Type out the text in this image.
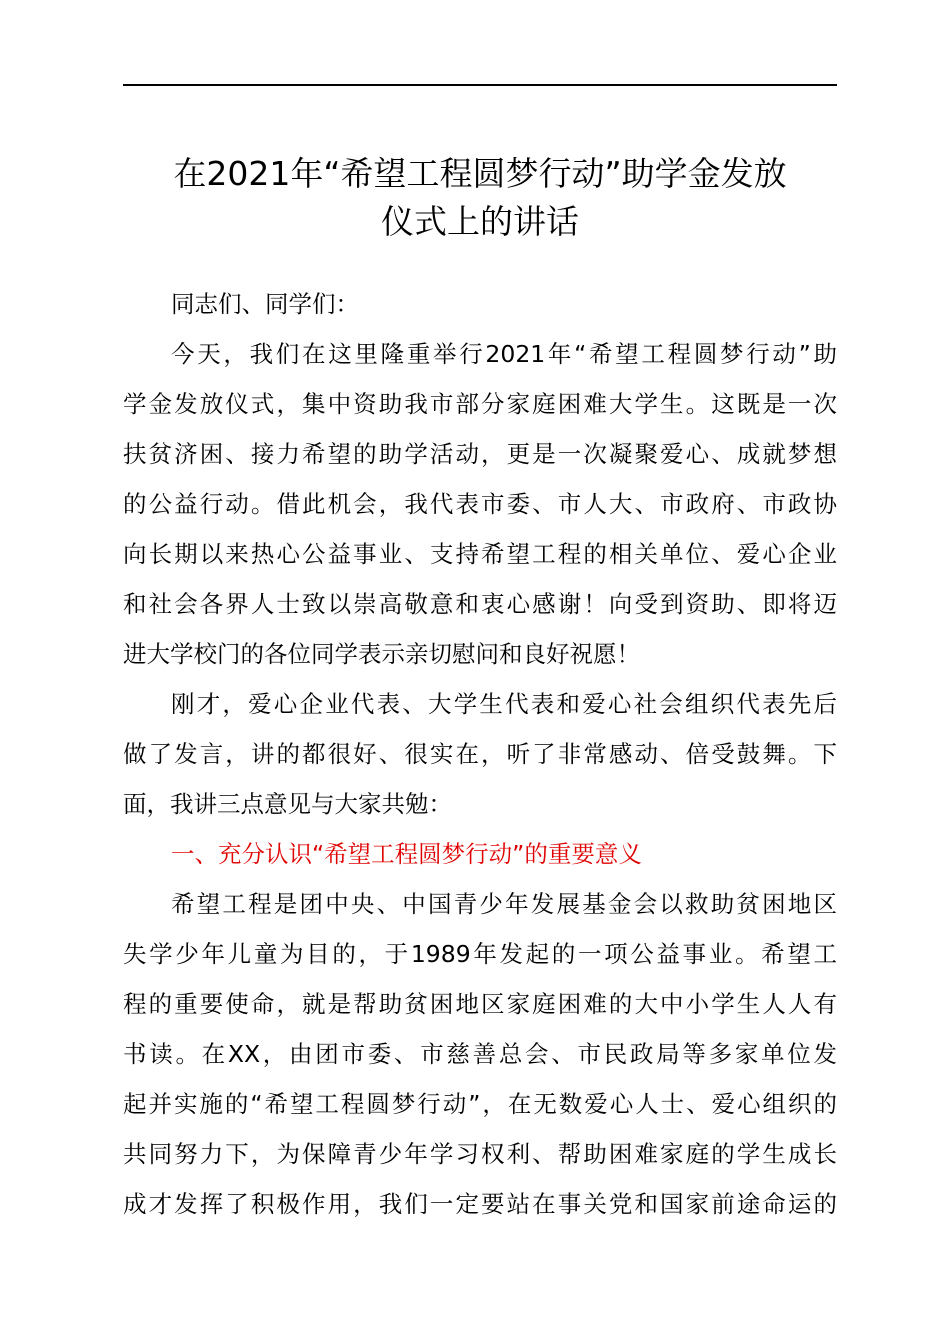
在2021年“希望工程圆梦行动”助学金发放
仪式上的讲话
同志们、同学们：
今天，我们在这里隆重举行2021年“希望工程圆梦行动”助
学金发放仪式，集中资助我市部分家庭困难大学生。这既是一次
扶贫济困、接力希望的助学活动，更是一次凝聚爱心、成就梦想
的公益行动。借此机会，我代表市委、市人大、市政府、市政协
向长期以来热心公益事业、支持希望工程的相关单位、爱心企业
和社会各界人士致以崇高敬意和衷心感谢！向受到资助、即将迈
进大学校门的各位同学表示亲切慰问和良好祝愿！
刚才，爱心企业代表、大学生代表和爱心社会组织代表先后
做了发言，讲的都很好、很实在，听了非常感动、倍受鼓舞。下
面，我讲三点意见与大家共勉：
一、充分认识“希望工程圆梦行动”的重要意义
希望工程是团中央、中国青少年发展基金会以救助贫困地区
失学少年儿童为目的，于1989年发起的一项公益事业。希望工
程的重要使命，就是帮助贫困地区家庭困难的大中小学生人人有
书读。在XX，由团市委、市慈善总会、市民政局等多家单位发
起并实施的“希望工程圆梦行动”，在无数爱心人士、爱心组织的
共同努力下，为保障青少年学习权利、帮助困难家庭的学生成长
成才发挥了积极作用，我们一定要站在事关党和国家前途命运的
